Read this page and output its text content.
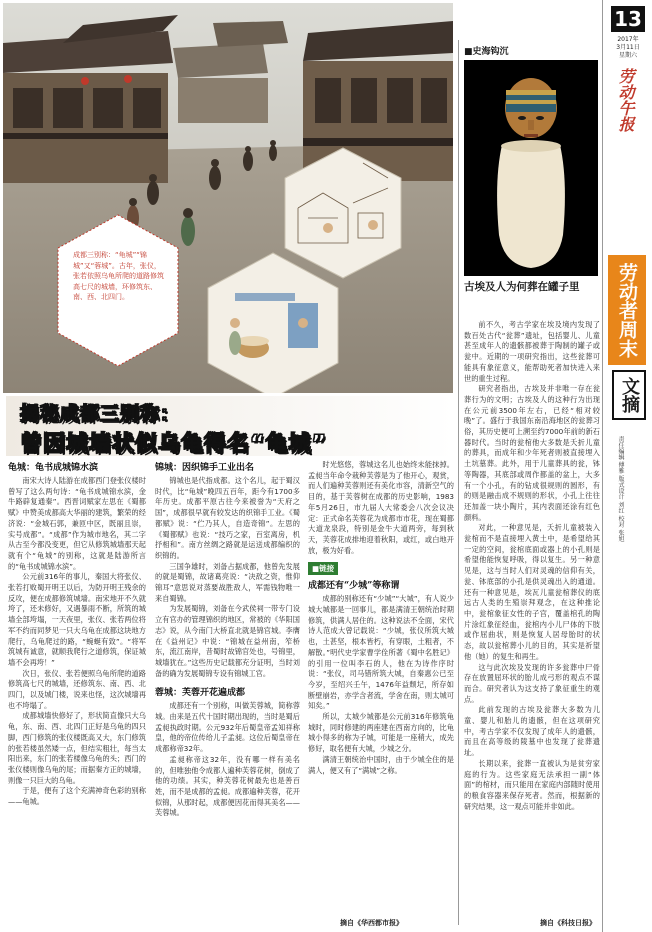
成都三别称：“龟城”“锦城”又“蓉城”。古年，张仪，张若依照乌龟所爬的道路修筑高七尺的城墙，环修筑东、南、西、北四门。
揭秘成都三别称：
曾因城墙状似乌龟得名“龟城”
龟城：龟书成城锦水滨

南宋大诗人陆游在成都西门登张仪楼时曾写了这么两句诗：“龟书成城锦水滨，金牛路辟复通秦”。西晋词赋家左思在《蜀都赋》中赞美成都高大华丽的建筑，繁荣的经济说：“金城石郭，兼匝中区，既丽且崇，实号成都”。“成都”作为城市地名，其二字从古至今都没变更，但它从修筑城墙那天起就有个“龟城”的别称，这就是陆游所言的“龟书成城锦水滨”。

公元前316年的事儿，秦国大将张仪、张若打败蜀开明王以后，为防开明王残余的反攻，便在成都修筑城墙。南宋地开不久就垮了，还未修好，又遇暴雨不断，所筑的城墙全部垮塌，一天夜里，张仪、张若两位将军不约而同梦见一只大乌龟在成都这块地方爬行，乌龟爬过的路，“蜿蜒有致”。“将军筑城有诚意，就顺我爬行之道修筑，保证城墙不会再垮！”

次日，张仪、张若便照乌龟所爬的道路修筑高七尺的城墙，还修筑东、南、西、北四门，以及城门楼，说来也怪，这次城墙再也不垮塌了。

成都城墙快修好了，形状简直像只大乌龟，东、南、西、北四门正好是乌龟的四只脚，西门修筑的张仪楼既高又大，东门修筑的张若楼虽然矮一点，但结实粗壮，每当太阳出来，东门的张若楼像乌龟的头；西门的张仪楼则像乌龟的尾；而据秦方正的城墙，则像一只巨大的乌龟。

于是，便有了这个充满神奇色彩的别称——龟城。

锦城：因织锦手工业出名

锦城也是代指成都。这个名儿，起于蜀汉时代，比“龟城”晚四五百年，距今有1700多年历史。成都平原古往今来被誉为“天府之国”，成都很早就有较发达的织锦手工业。《蜀都赋》说：“伫乃其人，自造奇锦”。左思的《蜀都赋》也说：“技巧之家，百室离房，机抒相和”。南方丝绸之路就是运送成都编织的织锦的。

三国争雄时，刘备占据成都，他曾先发展的就是蜀锦，故诸葛亮说：“决敌之资，惟仰锦耳”意思说对蒸要战胜敌人，军需钱物唯一来自蜀锦。

为发展蜀锦，刘备在今武侯祠一带专门设立有官办的管理锦织的地区，常被的《华阳国志》说，从今南门大桥直北就是锦官城。李膺在《益州记》中说：“锦城在益州南，笮桥东，流江南岸，昔蜀时故锦官处也，号锦里，城墙犹在。”这些历史记载都充分证明，当时刘备的确为发展蜀锦专设有锦城工官。

蓉城：芙蓉开花遍成都

成都还有一个别称，叫做芙蓉城，简称蓉城。由来是五代十国时期出现的，当时是蜀后孟昶执政时期。公元932年后蜀皇帝孟知祥称皇，他的帝位传给儿子孟昶。这位后蜀皇帝在成都称帝32年。

孟昶称帝这32年，没有哪一样有美名的，但唯独他令成都人遍种芙蓉花树，倒成了他的功绩。其实，种芙蓉花树最先也是善百姓，而不是成都的孟昶。成都遍种芙蓉，花开似锦，从那时起，成都便因花而得其美名——芙蓉城。

时光悠悠，蓉城这名儿也始终未能抹掉。孟昶当年命令栽种芙蓉是为了他开心，观赏，而人们遍种芙蓉则还有美化市容，清新空气的目的，基于芙蓉树在成都的历史影响，1983年5月26日，市九届人大常委会八次会议决定：正式命名芙蓉花为成都市市花，现在蜀都大道龙泉段，特别是金牛大道两旁，每到秋天，芙蓉花成排地迎着秋阳，或红，或白地开放，极为好看。

■链接
成都还有“少城”等称谓

成都的别称还有“少城”“大城”，有人说少城大城都是一回事儿，都是满清王朝统治时期修筑，供满人居住的。这种说法不全面，宋代诗人范成大曾记载说：“少城，张仪所筑大城也，土甚坚，根本皆朽，有穿眼，土粗者，不解散。”明代史学家曹学佺所著《蜀中名胜记》的引用一位叫李石的人，他在为诗作序时说：“张仪，司马错所筑大城，自秦惠公已至今岁，至绍兴壬午，1476年益颓圮，所存如断壁崩岩，亦学含者流，学舍在南，则太城可知矣。”

所以，太城少城都是公元前316年修筑龟城时，同时修建的两座建在西南方向的，比龟城小得多的称为子城，可能是一座稍大，成先修好，取名便有大城，少城之分。

满清王朝统治中国时，由于少城全住的是满人，便又有了“满城”之称。

摘自《华西都市报》
■史海钩沉
古埃及人为何葬在罐子里

前不久，考古学家在埃及境内发现了数百处古代“瓮葬”遗址，包括婴儿、儿童甚至成年人的遗骸都被葬于陶制的罐子或瓮中。近期的一项研究指出，这些瓮葬可能具有象征意义，能帮助死者加快进入来世的重生过程。

研究者指出，古埃及并非唯一存在瓮葬行为的文明；古埃及人的这种行为出现在公元前3500年左右，已经“相对较晚”了。盛行于我国东南沿海地区的瓮葬习俗，其历史便可上溯至约7000年前的新石器时代。当时的瓮棺他大多数是夭折儿童的葬具，而成年和少年死者则被直接埋入土坑墓葬。此外，用于儿童葬具的瓮，钵等陶器，其底部或周作都盖的盆上，大多有一个小孔，有的钻成很规则的圆形，有的则是融击成不规则的形状，小孔上往往还加盖一块小陶片，其内表面还涂有红色颜料。

对此，一种意见是，夭折儿童被装入瓮棺而不是直接埋入黄土中，是希望给其一定的空间，瓮棺底面或器上的小孔则是希望他能恢复呼吸，得以复生。另一种意见是，这与当时人们对灵魂的信仰有关，瓮、钵底部的小孔是供灵魂出入的通道。还有一种意见是，埃瓦儿童瓮棺葬仪的底远古人类的生殖崇拜观念，在这种推论中，瓮棺象征女性的子宫，覆盖棺孔的陶片涂红象征经血，瓮棺内小儿尸体的下肢或作屈曲状，则是恢复人居母胎时的状态，故以瓮棺葬小儿的目的，其实是祈望他（她）的复生和再生。

这与此次埃及发现的许多瓮葬中尸骨存在放置屈环状的胎儿成弓形的观点不谋而合。研究者认为这支持了象征重生的观点。

此前发现的古埃及瓮葬大多数为儿童、婴儿和胎儿的遗骸，但在这项研究中，考古学家不仅发现了成年人的遗骸，而且在高等级的陵墓中也发现了瓮葬遗址。

长期以来，瓮葬一直被认为是贫穷家庭的行为。这些家庭无法承担一副“体面”的棺材，而只能用在家庭内部随时使用的粮食容器来保存死者。然而，根据新的研究结果，这一观点可能并非如此。

摘自《科技日报》
13
2017年
3月11日
星期六
劳动午报
劳动者周末
文摘
责任编辑 傅雅 版式设计 刘红 校对 张旭
